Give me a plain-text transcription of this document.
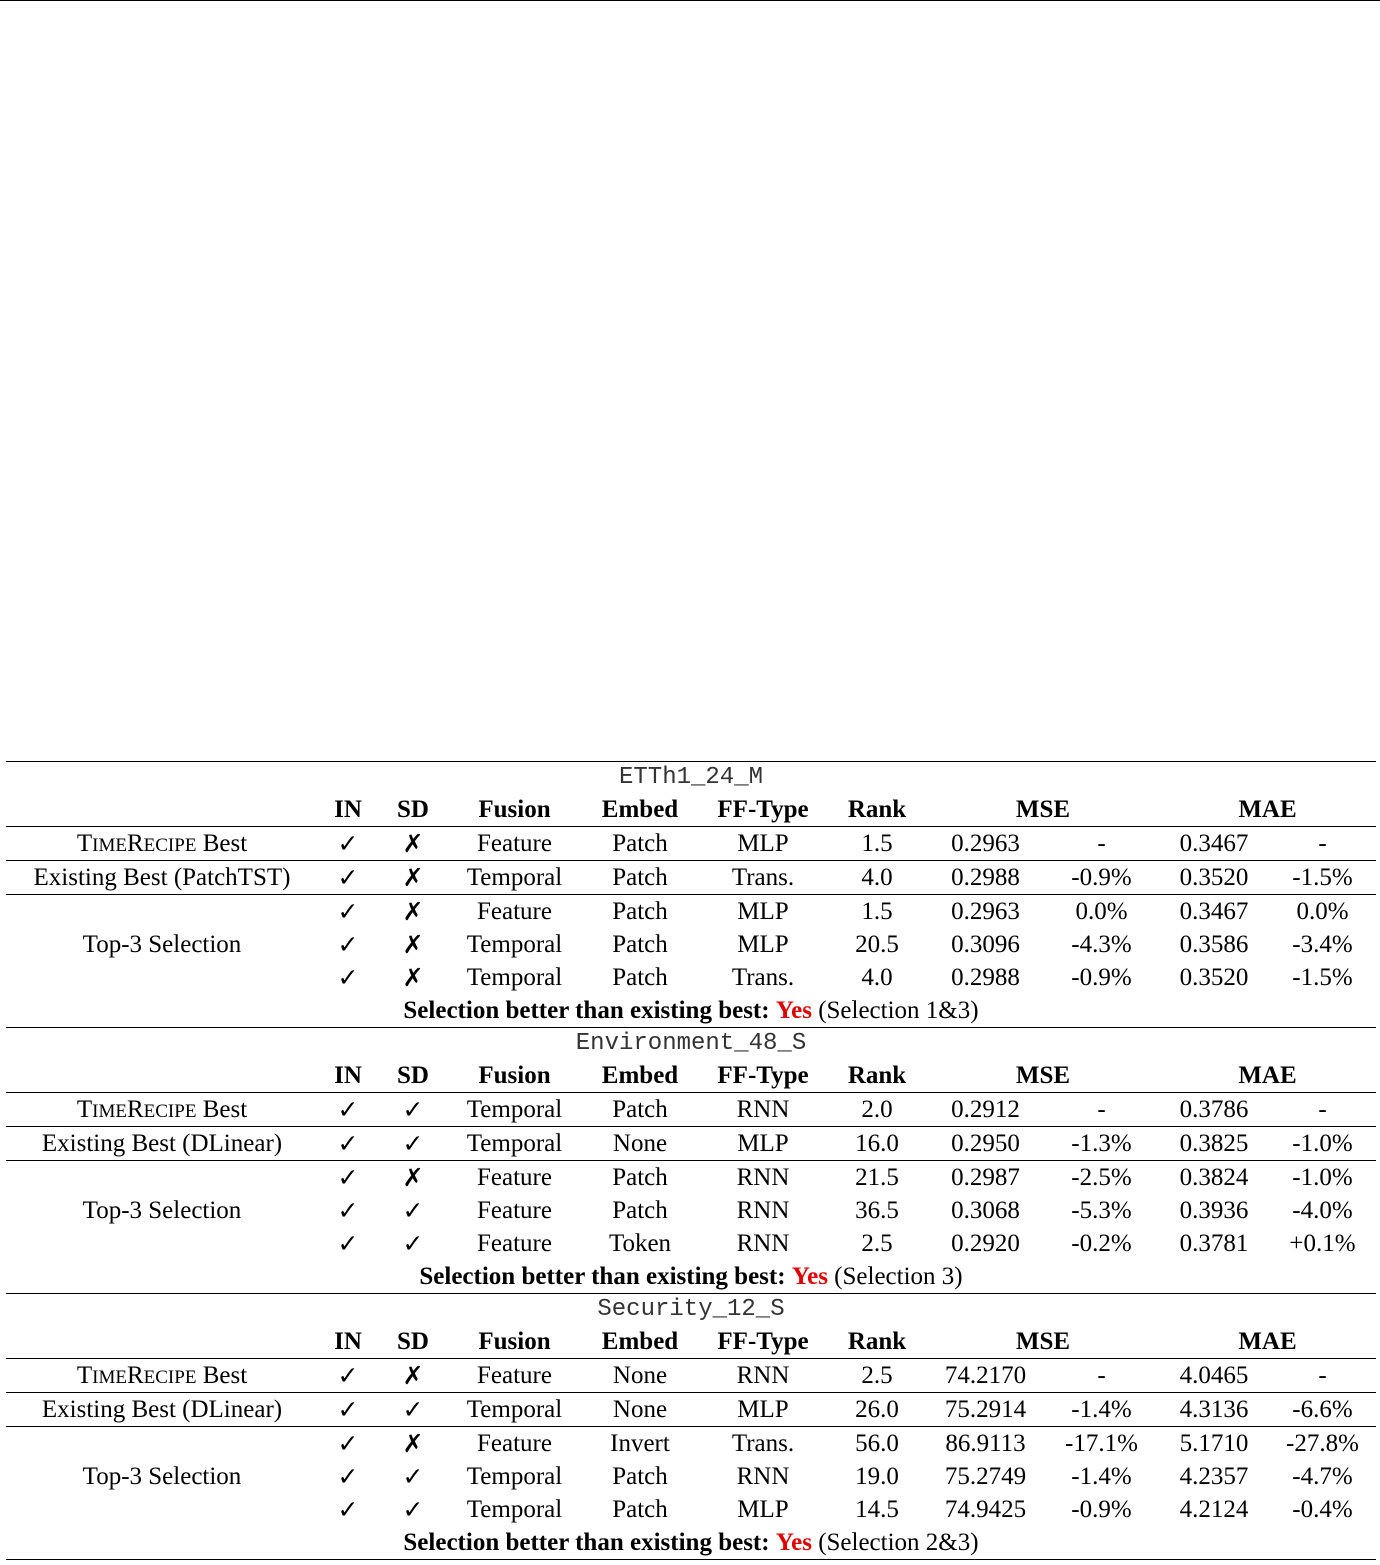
ETTh1_24_M										
	IN	SD	Fusion	Embed	FF-Type	Rank	MSE		MAE	
TIMERECIPE Best	✓	✗	Feature	Patch	MLP	1.5	0.2963	-	0.3467	-
Existing Best (PatchTST)	✓	✗	Temporal	Patch	Trans.	4.0	0.2988	-0.9%	0.3520	-1.5%
Top-3 Selection	✓	✗	Feature	Patch	MLP	1.5	0.2963	0.0%	0.3467	0.0%
	✓	✗	Temporal	Patch	MLP	20.5	0.3096	-4.3%	0.3586	-3.4%
	✓	✗	Temporal	Patch	Trans.	4.0	0.2988	-0.9%	0.3520	-1.5%
Selection better than existing best: Yes (Selection 1&3)										
Environment_48_S										
	IN	SD	Fusion	Embed	FF-Type	Rank	MSE		MAE	
TIMERECIPE Best	✓	✓	Temporal	Patch	RNN	2.0	0.2912	-	0.3786	-
Existing Best (DLinear)	✓	✓	Temporal	None	MLP	16.0	0.2950	-1.3%	0.3825	-1.0%
Top-3 Selection	✓	✗	Feature	Patch	RNN	21.5	0.2987	-2.5%	0.3824	-1.0%
	✓	✓	Feature	Patch	RNN	36.5	0.3068	-5.3%	0.3936	-4.0%
	✓	✓	Feature	Token	RNN	2.5	0.2920	-0.2%	0.3781	+0.1%
Selection better than existing best: Yes (Selection 3)										
Security_12_S										
	IN	SD	Fusion	Embed	FF-Type	Rank	MSE		MAE	
TIMERECIPE Best	✓	✗	Feature	None	RNN	2.5	74.2170	-	4.0465	-
Existing Best (DLinear)	✓	✓	Temporal	None	MLP	26.0	75.2914	-1.4%	4.3136	-6.6%
Top-3 Selection	✓	✗	Feature	Invert	Trans.	56.0	86.9113	-17.1%	5.1710	-27.8%
	✓	✓	Temporal	Patch	RNN	19.0	75.2749	-1.4%	4.2357	-4.7%
	✓	✓	Temporal	Patch	MLP	14.5	74.9425	-0.9%	4.2124	-0.4%
Selection better than existing best: Yes (Selection 2&3)										
